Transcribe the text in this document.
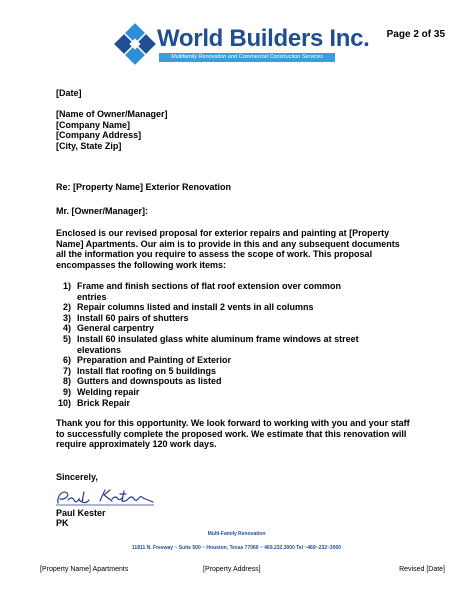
Page 2 of 35
World Builders Inc.
Multifamily Renovation and Commercial Construction Services
[Date]
[Name of Owner/Manager]
[Company Name]
[Company Address]
[City, State Zip]
Re: [Property Name] Exterior Renovation
Mr. [Owner/Manager]:
Enclosed is our revised proposal for exterior repairs and painting at [Property Name] Apartments. Our aim is to provide in this and any subsequent documents all the information you require to assess the scope of work. This proposal encompasses the following work items:
1) Frame and finish sections of flat roof extension over common entries
2) Repair columns listed and install 2 vents in all columns
3) Install 60 pairs of shutters
4) General carpentry
5) Install 60 insulated glass white aluminum frame windows at street elevations
6) Preparation and Painting of Exterior
7) Install flat roofing on 5 buildings
8) Gutters and downspouts as listed
9) Welding repair
10) Brick Repair
Thank you for this opportunity. We look forward to working with you and your staff to successfully complete the proposed work. We estimate that this renovation will require approximately 120 work days.
Sincerely,
Paul Kester
PK
Multi-Family Renovation
11811 N. Freeway ~ Suite 500 ~ Houston, Texas 77060 ~ 469.232.3000 Tel ~469~232~3000
[Property Name] Apartments	[Property Address]	Revised [Date]
